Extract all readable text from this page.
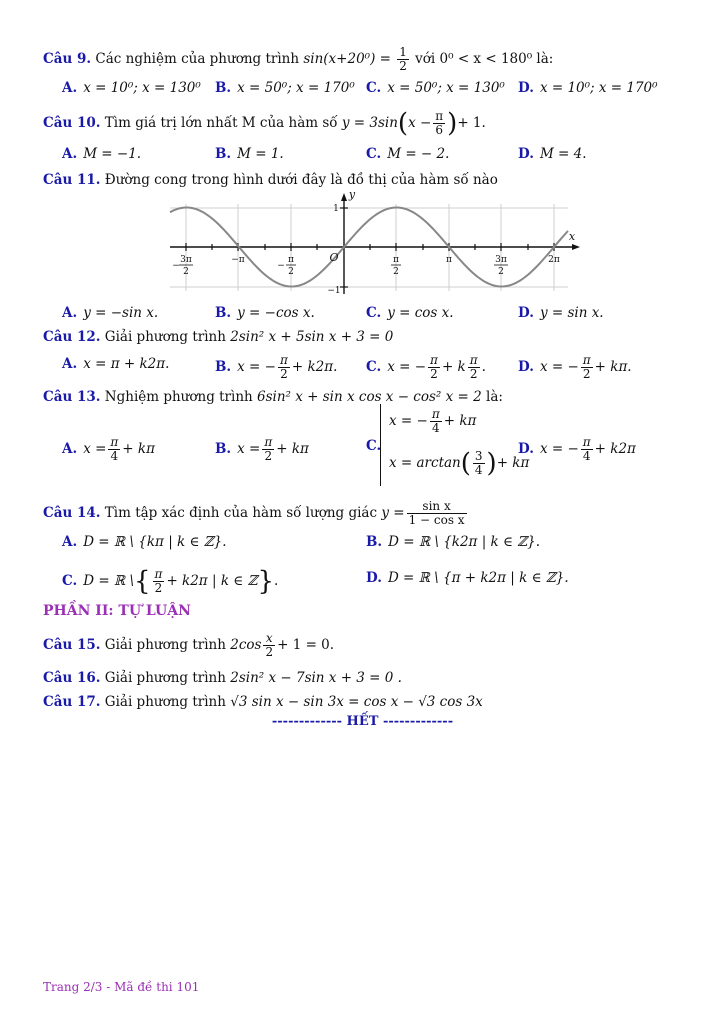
Câu 9. Các nghiệm của phương trình $\sin(x+20^0) = \frac{1}{2}$ với 0⁰ < x < 180⁰ là:
A. x = 10⁰; x = 130⁰ B. x = 50⁰; x = 170⁰ C. x = 50⁰; x = 130⁰ D. x = 10⁰; x = 170⁰
Câu 10. Tìm giá trị lớn nhất M của hàm số $y = 3\sin(x - \frac{\pi}{6}$ )+ 1.
A. M = −1.	B. M = 1.	C. M = − 2.	D. M = 4.
Câu 11. Đường cong trong hình dưới đây là đồ thị của hàm số nào
y
x
O
1
−1
3π
2
−
−π	π
2
−
π
2
π	3π
2
2π
A. y = −sin x.	B. y = −cos x.	C. y = cos x.	D. y = sin x.
Câu 12. Giải phương trình 2sin² x + 5sin x + 3 = 0
A. x = π + k2π.	B. x = − $\frac{\pi}{2} + k2\pi$. C. x = − $\frac{\pi}{2} + k \frac{\pi}{2}$ . D. x = − $\frac{\pi}{2} + k\pi$.
Câu 13. Nghiệm phương trình 6sin² x + sin x cos x − cos² x = 2 là:
A. $x = \frac{\pi}{4} + k\pi$	B. $x = \frac{\pi}{2} + k\pi$	C.
x = − $\frac{\pi}{4} + k\pi$
$x = \arctan( \frac{3}{4}$ )+ kπ
D. x = − $\frac{\pi}{4} + k2\pi$
Câu 14. Tìm tập xác định của hàm số lượng giác $y = \frac{\text{sin x}}{\text{1 − cos x}}$
A. D = ℝ \ {kπ | k ∈ ℤ}.	B. D = ℝ \ {k2π | k ∈ ℤ}.
C. D = ℝ \{ $\frac{\pi}{2} + k2\pi$ | k ∈ ℤ}.	D. D = ℝ \ {π + k2π | k ∈ ℤ}.
PHẦN II: TỰ LUẬN
Câu 15. Giải phương trình $2\cos \frac{x}{2} + 1 = 0$.
Câu 16. Giải phương trình 2sin² x − 7sin x + 3 = 0 .
Câu 17. Giải phương trình √3 sin x − sin 3x = cos x − √3 cos 3x
------------- HẾT -------------
Trang 2/3 - Mã đề thi 101
